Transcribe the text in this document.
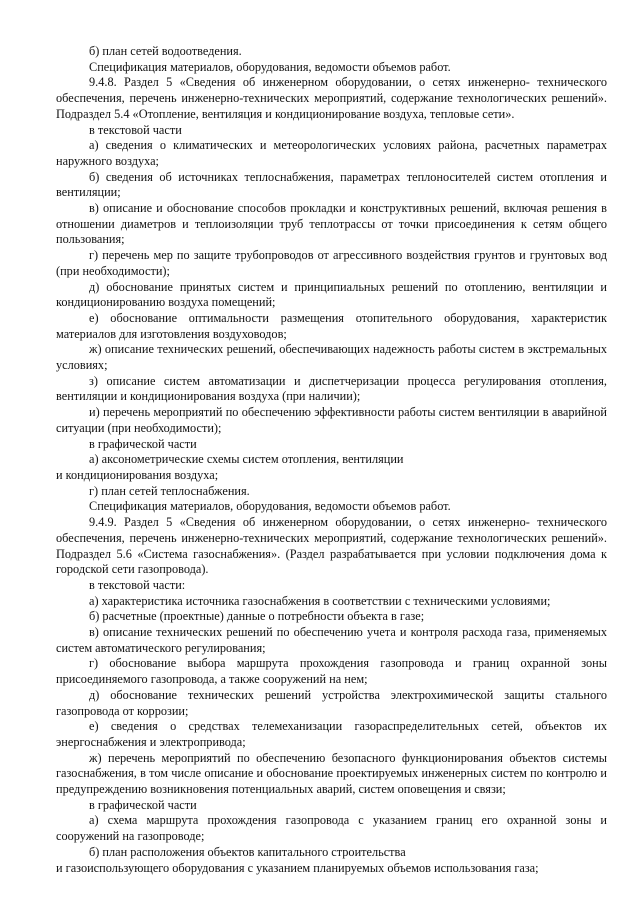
б) план сетей водоотведения.

Спецификация материалов, оборудования, ведомости объемов работ.

9.4.8. Раздел 5 «Сведения об инженерном оборудовании, о сетях инженерно- технического обеспечения, перечень инженерно-технических мероприятий, содержание технологических решений». Подраздел 5.4 «Отопление, вентиляция и кондиционирование воздуха, тепловые сети».

в текстовой части

а) сведения о климатических и метеорологических условиях района, расчетных параметрах наружного воздуха;

б) сведения об источниках теплоснабжения, параметрах теплоносителей систем отопления и вентиляции;

в) описание и обоснование способов прокладки и конструктивных решений, включая решения в отношении диаметров и теплоизоляции труб теплотрассы от точки присоединения к сетям общего пользования;

г) перечень мер по защите трубопроводов от агрессивного воздействия грунтов и грунтовых вод (при необходимости);

д) обоснование принятых систем и принципиальных решений по отоплению, вентиляции и кондиционированию воздуха помещений;

е) обоснование оптимальности размещения отопительного оборудования, характеристик материалов для изготовления воздуховодов;

ж) описание технических решений, обеспечивающих надежность работы систем в экстремальных условиях;

з) описание систем автоматизации и диспетчеризации процесса регулирования отопления, вентиляции и кондиционирования воздуха (при наличии);

и) перечень мероприятий по обеспечению эффективности работы систем вентиляции в аварийной ситуации (при необходимости);

в графической части

а) аксонометрические схемы систем отопления, вентиляции

и кондиционирования воздуха;

г) план сетей теплоснабжения.

Спецификация материалов, оборудования, ведомости объемов работ.

9.4.9. Раздел 5 «Сведения об инженерном оборудовании, о сетях инженерно- технического обеспечения, перечень инженерно-технических мероприятий, содержание технологических решений». Подраздел 5.6 «Система газоснабжения». (Раздел разрабатывается при условии подключения дома к городской сети газопровода).

в текстовой части:

а) характеристика источника газоснабжения в соответствии с техническими условиями;

б) расчетные (проектные) данные о потребности объекта в газе;

в) описание технических решений по обеспечению учета и контроля расхода газа, применяемых систем автоматического регулирования;

г) обоснование выбора маршрута прохождения газопровода и границ охранной зоны присоединяемого газопровода, а также сооружений на нем;

д) обоснование технических решений устройства электрохимической защиты стального газопровода от коррозии;

е) сведения о средствах телемеханизации газораспределительных сетей, объектов их энергоснабжения и электропривода;

ж) перечень мероприятий по обеспечению безопасного функционирования объектов системы газоснабжения, в том числе описание и обоснование проектируемых инженерных систем по контролю и предупреждению возникновения потенциальных аварий, систем оповещения и связи;

в графической части

а) схема маршрута прохождения газопровода с указанием границ его охранной зоны и сооружений на газопроводе;

б) план расположения объектов капитального строительства

и газоиспользующего оборудования с указанием планируемых объемов использования газа;
